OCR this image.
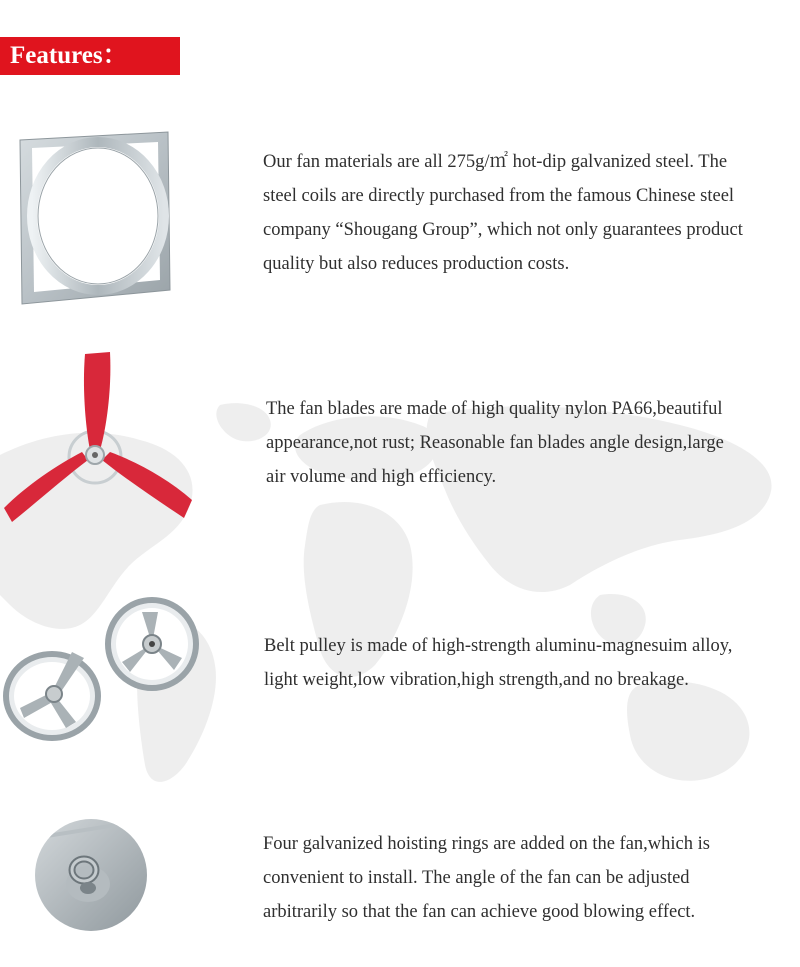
Features：
Our fan materials are all 275g/㎡ hot-dip galvanized steel. The
steel coils are directly purchased from the famous Chinese steel
company “Shougang Group”, which not only guarantees product
quality but also reduces production costs.
The fan blades are made of high quality nylon PA66,beautiful
appearance,not rust; Reasonable fan blades angle design,large
air volume and high efficiency.
Belt pulley is made of high-strength aluminu-magnesuim alloy,
light weight,low vibration,high strength,and no breakage.
Four galvanized hoisting rings are added on the fan,which is
convenient to install. The angle of the fan can be adjusted
arbitrarily so that the fan can achieve good blowing effect.
